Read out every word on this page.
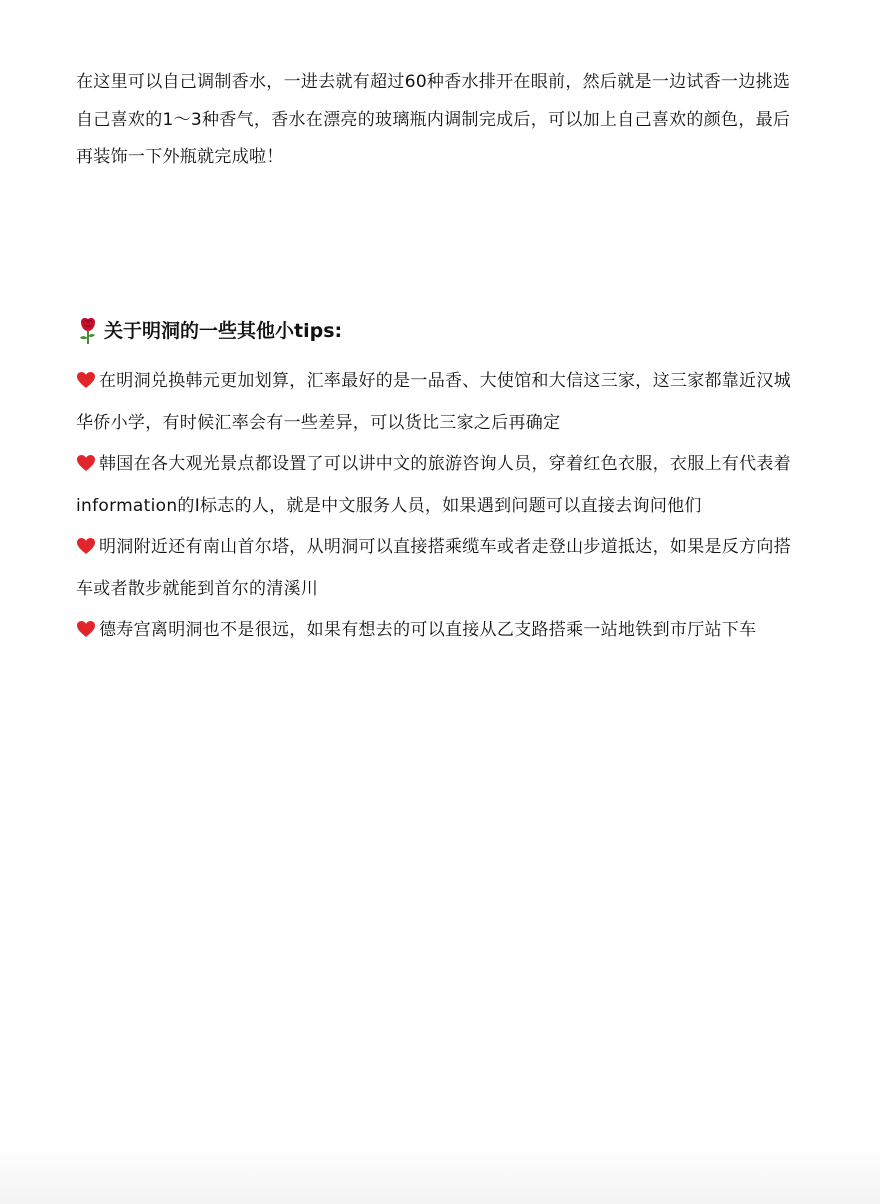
在这里可以自己调制香水，一进去就有超过60种香水排开在眼前，然后就是一边试香一边挑选自己喜欢的1～3种香气，香水在漂亮的玻璃瓶内调制完成后，可以加上自己喜欢的颜色，最后再装饰一下外瓶就完成啦！

关于明洞的一些其他小tips:
在明洞兑换韩元更加划算，汇率最好的是一品香、大使馆和大信这三家，这三家都靠近汉城华侨小学，有时候汇率会有一些差异，可以货比三家之后再确定
韩国在各大观光景点都设置了可以讲中文的旅游咨询人员，穿着红色衣服，衣服上有代表着information的I标志的人，就是中文服务人员，如果遇到问题可以直接去询问他们
明洞附近还有南山首尔塔，从明洞可以直接搭乘缆车或者走登山步道抵达，如果是反方向搭车或者散步就能到首尔的清溪川
德寿宫离明洞也不是很远，如果有想去的可以直接从乙支路搭乘一站地铁到市厅站下车
